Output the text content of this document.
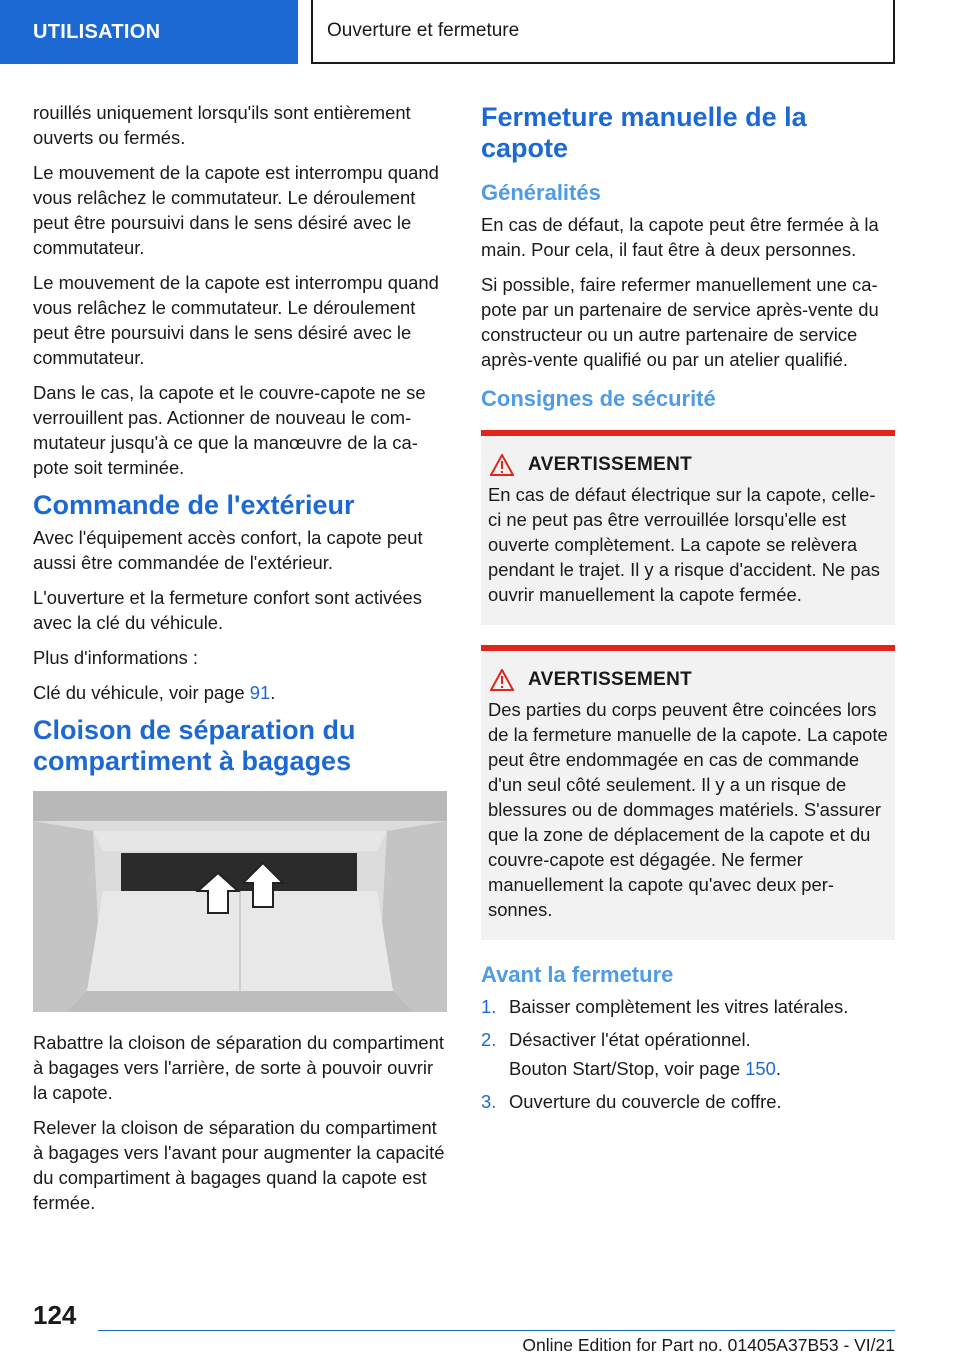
UTILISATION	Ouverture et fermeture

rouillés uniquement lorsqu'ils sont entièrement ouverts ou fermés.

Le mouvement de la capote est interrompu quand vous relâchez le commutateur. Le déroulement peut être poursuivi dans le sens désiré avec le commutateur.

Le mouvement de la capote est interrompu quand vous relâchez le commutateur. Le déroulement peut être poursuivi dans le sens désiré avec le commutateur.

Dans le cas, la capote et le couvre-capote ne se verrouillent pas. Actionner de nouveau le commutateur jusqu'à ce que la manœuvre de la capote soit terminée.

Commande de l'extérieur

Avec l'équipement accès confort, la capote peut aussi être commandée de l'extérieur.

L'ouverture et la fermeture confort sont activées avec la clé du véhicule.

Plus d'informations :

Clé du véhicule, voir page 91.

Cloison de séparation du compartiment à bagages

Rabattre la cloison de séparation du compartiment à bagages vers l'arrière, de sorte à pouvoir ouvrir la capote.

Relever la cloison de séparation du compartiment à bagages vers l'avant pour augmenter la capacité du compartiment à bagages quand la capote est fermée.

Fermeture manuelle de la capote
Généralités

En cas de défaut, la capote peut être fermée à la main. Pour cela, il faut être à deux personnes.

Si possible, faire refermer manuellement une capote par un partenaire de service après-vente du constructeur ou un autre partenaire de service après-vente qualifié ou par un atelier qualifié.

Consignes de sécurité
AVERTISSEMENT

En cas de défaut électrique sur la capote, celle-ci ne peut pas être verrouillée lorsqu'elle est ouverte complètement. La capote se relèvera pendant le trajet. Il y a risque d'accident. Ne pas ouvrir manuellement la capote fermée.

AVERTISSEMENT

Des parties du corps peuvent être coincées lors de la fermeture manuelle de la capote. La capote peut être endommagée en cas de commande d'un seul côté seulement. Il y a un risque de blessures ou de dommages matériels. S'assurer que la zone de déplacement de la capote et du couvre-capote est dégagée. Ne fermer manuellement la capote qu'avec deux personnes.

Avant la fermeture
1. Baisser complètement les vitres latérales.
2. Désactiver l'état opérationnel.
Bouton Start/Stop, voir page 150.
3. Ouverture du couvercle de coffre.
124
Online Edition for Part no. 01405A37B53 - VI/21
